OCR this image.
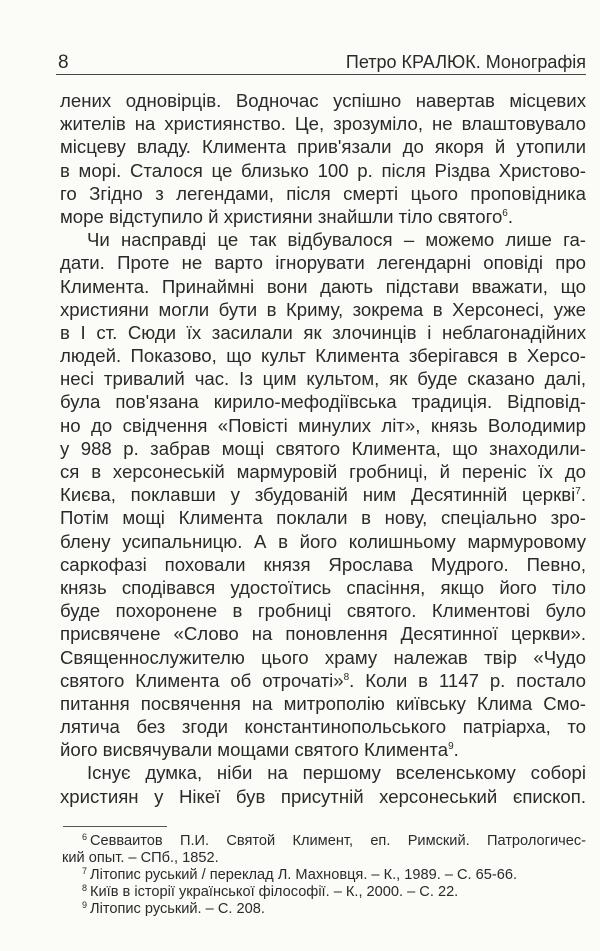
8	Петро КРАЛЮК. Монографія
лених одновірців. Водночас успішно навертав місцевих
жителів на християнство. Це, зрозуміло, не влаштовувало
місцеву владу. Климента прив'язали до якоря й утопили
в морі. Сталося це близько 100 р. після Різдва Христово-
го Згідно з легендами, після смерті цього проповідника
море відступило й християни знайшли тіло святого$^6$.
Чи насправді це так відбувалося – можемо лише га-
дати. Проте не варто ігнорувати легендарні оповіді про
Климента. Принаймні вони дають підстави вважати, що
християни могли бути в Криму, зокрема в Херсонесі, уже
в І ст. Сюди їх засилали як злочинців і неблагонадійних
людей. Показово, що культ Климента зберігався в Херсо-
несі тривалий час. Із цим культом, як буде сказано далі,
була пов'язана кирило-мефодіївська традиція. Відповід-
но до свідчення «Повісті минулих літ», князь Володимир
у 988 р. забрав мощі святого Климента, що знаходили-
ся в херсонеській мармуровій гробниці, й переніс їх до
Києва, поклавши у збудованій ним Десятинній церкві$^7$.
Потім мощі Климента поклали в нову, спеціально зро-
блену усипальницю. А в його колишньому мармуровому
саркофазі поховали князя Ярослава Мудрого. Певно,
князь сподівався удостоїтись спасіння, якщо його тіло
буде похоронене в гробниці святого. Климентові було
присвячене «Слово на поновлення Десятинної церкви».
Священнослужителю цього храму належав твір «Чудо
святого Климента об отрочаті»$^8$. Коли в 1147 р. постало
питання посвячення на митрополію київську Клима Смо-
лятича без згоди константинопольського патріарха, то
його висвячували мощами святого Климента$^9$.
Існує думка, ніби на першому вселенському соборі
християн у Нікеї був присутній херсонеський єпископ.
$^6$ Севваитов П.И. Святой Климент, еп. Римский. Патрологичес-
кий опыт. – СПб., 1852.
$^7$ Літопис руський / переклад Л. Махновця. – К., 1989. – С. 65-66.
$^8$ Київ в історії української філософії. – К., 2000. – С. 22.
$^9$ Літопис руський. – С. 208.
